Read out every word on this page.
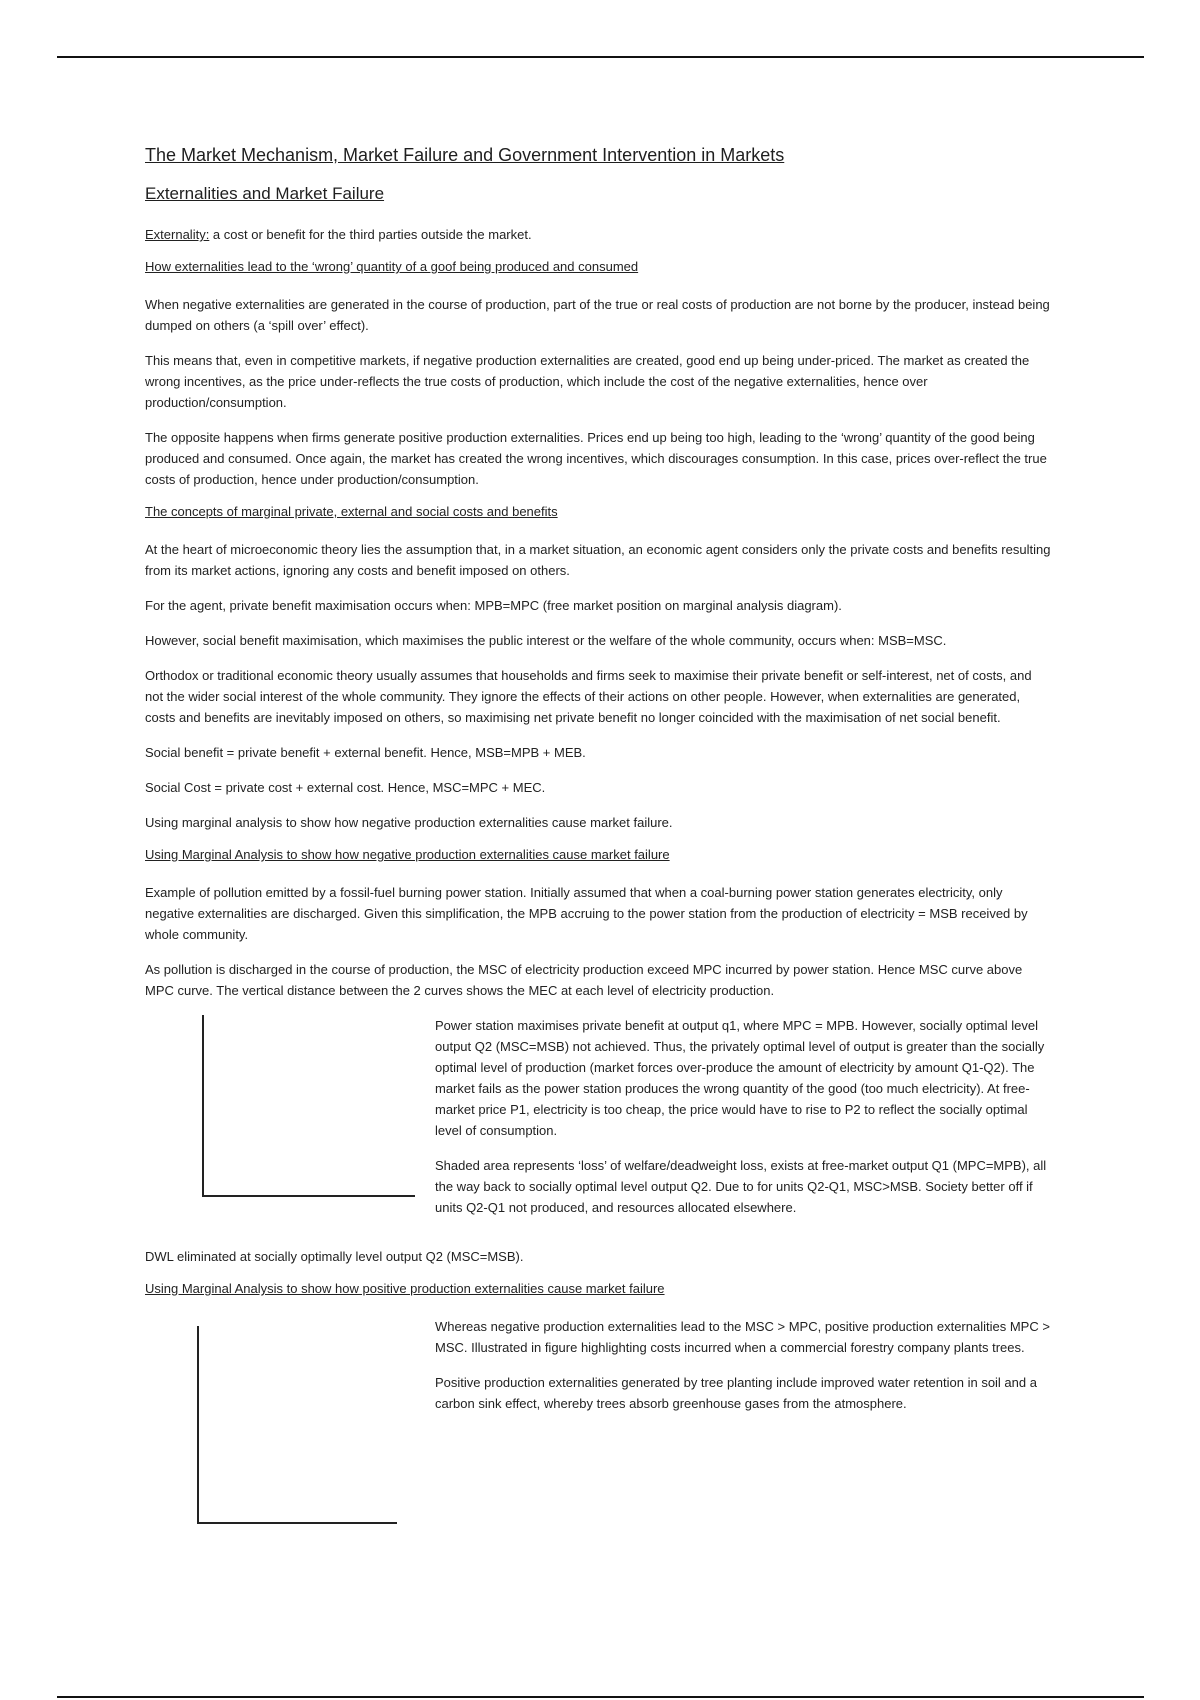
The Market Mechanism, Market Failure and Government Intervention in Markets
Externalities and Market Failure

Externality: a cost or benefit for the third parties outside the market.

How externalities lead to the ‘wrong’ quantity of a goof being produced and consumed

When negative externalities are generated in the course of production, part of the true or real costs of production are not borne by the producer, instead being dumped on others (a ‘spill over’ effect).

This means that, even in competitive markets, if negative production externalities are created, good end up being under-priced. The market as created the wrong incentives, as the price under-reflects the true costs of production, which include the cost of the negative externalities, hence over production/consumption.

The opposite happens when firms generate positive production externalities. Prices end up being too high, leading to the ‘wrong’ quantity of the good being produced and consumed. Once again, the market has created the wrong incentives, which discourages consumption. In this case, prices over-reflect the true costs of production, hence under production/consumption.

The concepts of marginal private, external and social costs and benefits

At the heart of microeconomic theory lies the assumption that, in a market situation, an economic agent considers only the private costs and benefits resulting from its market actions, ignoring any costs and benefit imposed on others.

For the agent, private benefit maximisation occurs when: MPB=MPC (free market position on marginal analysis diagram).

However, social benefit maximisation, which maximises the public interest or the welfare of the whole community, occurs when: MSB=MSC.

Orthodox or traditional economic theory usually assumes that households and firms seek to maximise their private benefit or self-interest, net of costs, and not the wider social interest of the whole community. They ignore the effects of their actions on other people. However, when externalities are generated, costs and benefits are inevitably imposed on others, so maximising net private benefit no longer coincided with the maximisation of net social benefit.

Social benefit = private benefit + external benefit. Hence, MSB=MPB + MEB.

Social Cost = private cost + external cost. Hence, MSC=MPC + MEC.

Using marginal analysis to show how negative production externalities cause market failure.

Using Marginal Analysis to show how negative production externalities cause market failure

Example of pollution emitted by a fossil-fuel burning power station. Initially assumed that when a coal-burning power station generates electricity, only negative externalities are discharged. Given this simplification, the MPB accruing to the power station from the production of electricity = MSB received by whole community.

As pollution is discharged in the course of production, the MSC of electricity production exceed MPC incurred by power station. Hence MSC curve above MPC curve. The vertical distance between the 2 curves shows the MEC at each level of electricity production.

Power station maximises private benefit at output q1, where MPC = MPB. However, socially optimal level output Q2 (MSC=MSB) not achieved. Thus, the privately optimal level of output is greater than the socially optimal level of production (market forces over-produce the amount of electricity by amount Q1-Q2). The market fails as the power station produces the wrong quantity of the good (too much electricity). At free-market price P1, electricity is too cheap, the price would have to rise to P2 to reflect the socially optimal level of consumption.

Shaded area represents ‘loss’ of welfare/deadweight loss, exists at free-market output Q1 (MPC=MPB), all the way back to socially optimal level output Q2. Due to for units Q2-Q1, MSC>MSB. Society better off if units Q2-Q1 not produced, and resources allocated elsewhere.

DWL eliminated at socially optimally level output Q2 (MSC=MSB).

Using Marginal Analysis to show how positive production externalities cause market failure

Whereas negative production externalities lead to the MSC > MPC, positive production externalities MPC > MSC. Illustrated in figure highlighting costs incurred when a commercial forestry company plants trees.

Positive production externalities generated by tree planting include improved water retention in soil and a carbon sink effect, whereby trees absorb greenhouse gases from the atmosphere.
